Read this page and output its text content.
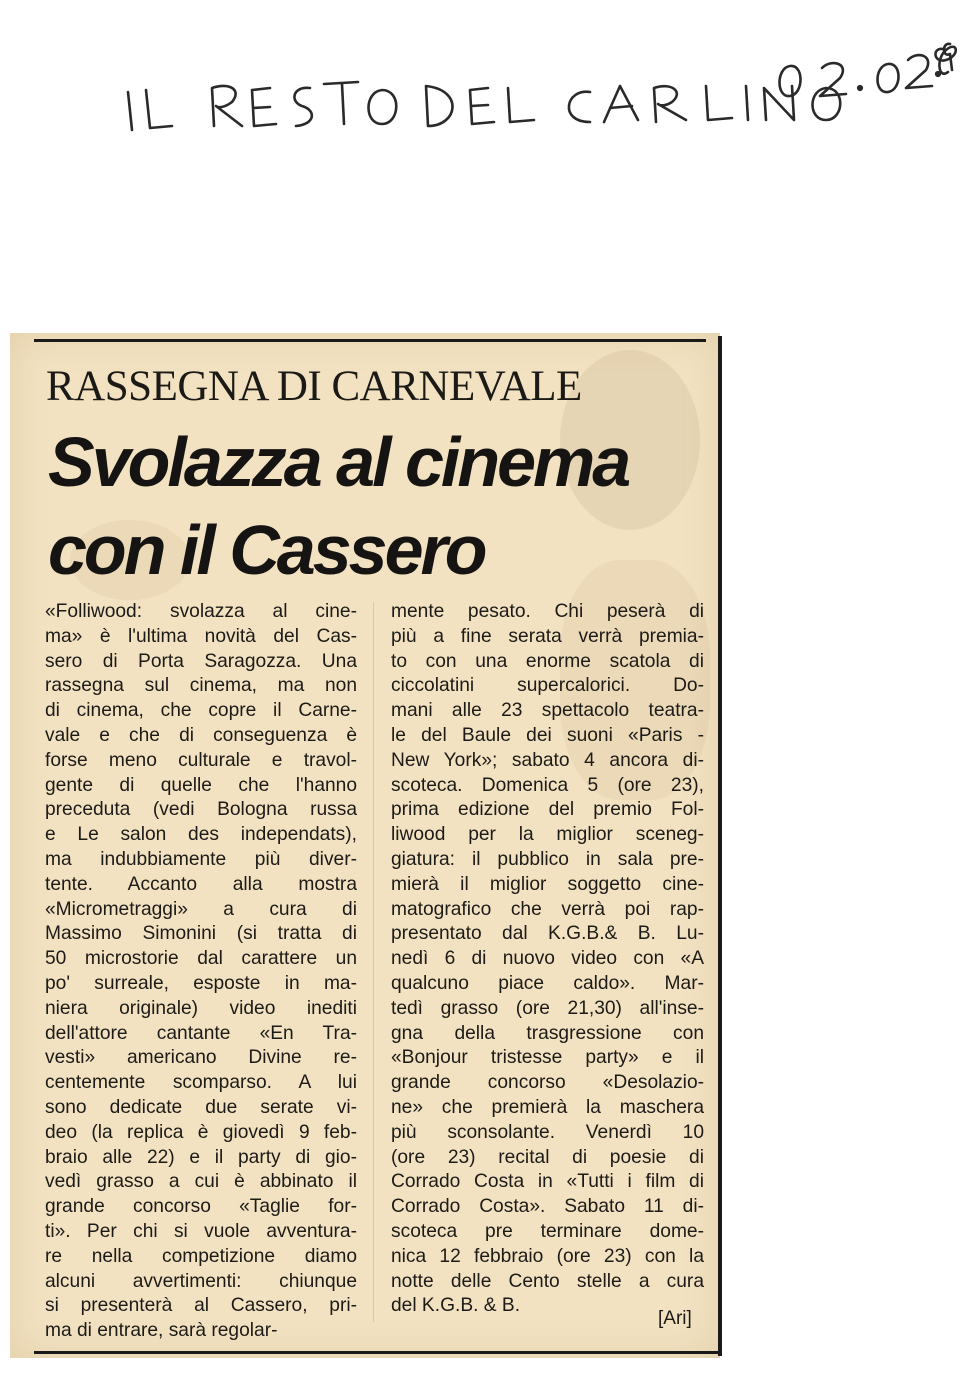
RASSEGNA DI CARNEVALE
Svolazza al cinema
con il Cassero
«Folliwood: svolazza al cine-
ma» è l'ultima novità del Cas-
sero di Porta Saragozza. Una
rassegna sul cinema, ma non
di cinema, che copre il Carne-
vale e che di conseguenza è
forse meno culturale e travol-
gente di quelle che l'hanno
preceduta (vedi Bologna russa
e Le salon des independats),
ma indubbiamente più diver-
tente. Accanto alla mostra
«Micrometraggi» a cura di
Massimo Simonini (si tratta di
50 microstorie dal carattere un
po' surreale, esposte in ma-
niera originale) video inediti
dell'attore cantante «En Tra-
vesti» americano Divine re-
centemente scomparso. A lui
sono dedicate due serate vi-
deo (la replica è giovedì 9 feb-
braio alle 22) e il party di gio-
vedì grasso a cui è abbinato il
grande concorso «Taglie for-
ti». Per chi si vuole avventura-
re nella competizione diamo
alcuni avvertimenti: chiunque
si presenterà al Cassero, pri-
ma di entrare, sarà regolar-
mente pesato. Chi peserà di
più a fine serata verrà premia-
to con una enorme scatola di
ciccolatini supercalorici. Do-
mani alle 23 spettacolo teatra-
le del Baule dei suoni «Paris -
New York»; sabato 4 ancora di-
scoteca. Domenica 5 (ore 23),
prima edizione del premio Fol-
liwood per la miglior sceneg-
giatura: il pubblico in sala pre-
mierà il miglior soggetto cine-
matografico che verrà poi rap-
presentato dal K.G.B.& B. Lu-
nedì 6 di nuovo video con «A
qualcuno piace caldo». Mar-
tedì grasso (ore 21,30) all'inse-
gna della trasgressione con
«Bonjour tristesse party» e il
grande concorso «Desolazio-
ne» che premierà la maschera
più sconsolante. Venerdì 10
(ore 23) recital di poesie di
Corrado Costa in «Tutti i film di
Corrado Costa». Sabato 11 di-
scoteca pre terminare dome-
nica 12 febbraio (ore 23) con la
notte delle Cento stelle a cura
del K.G.B. & B.
[Ari]
